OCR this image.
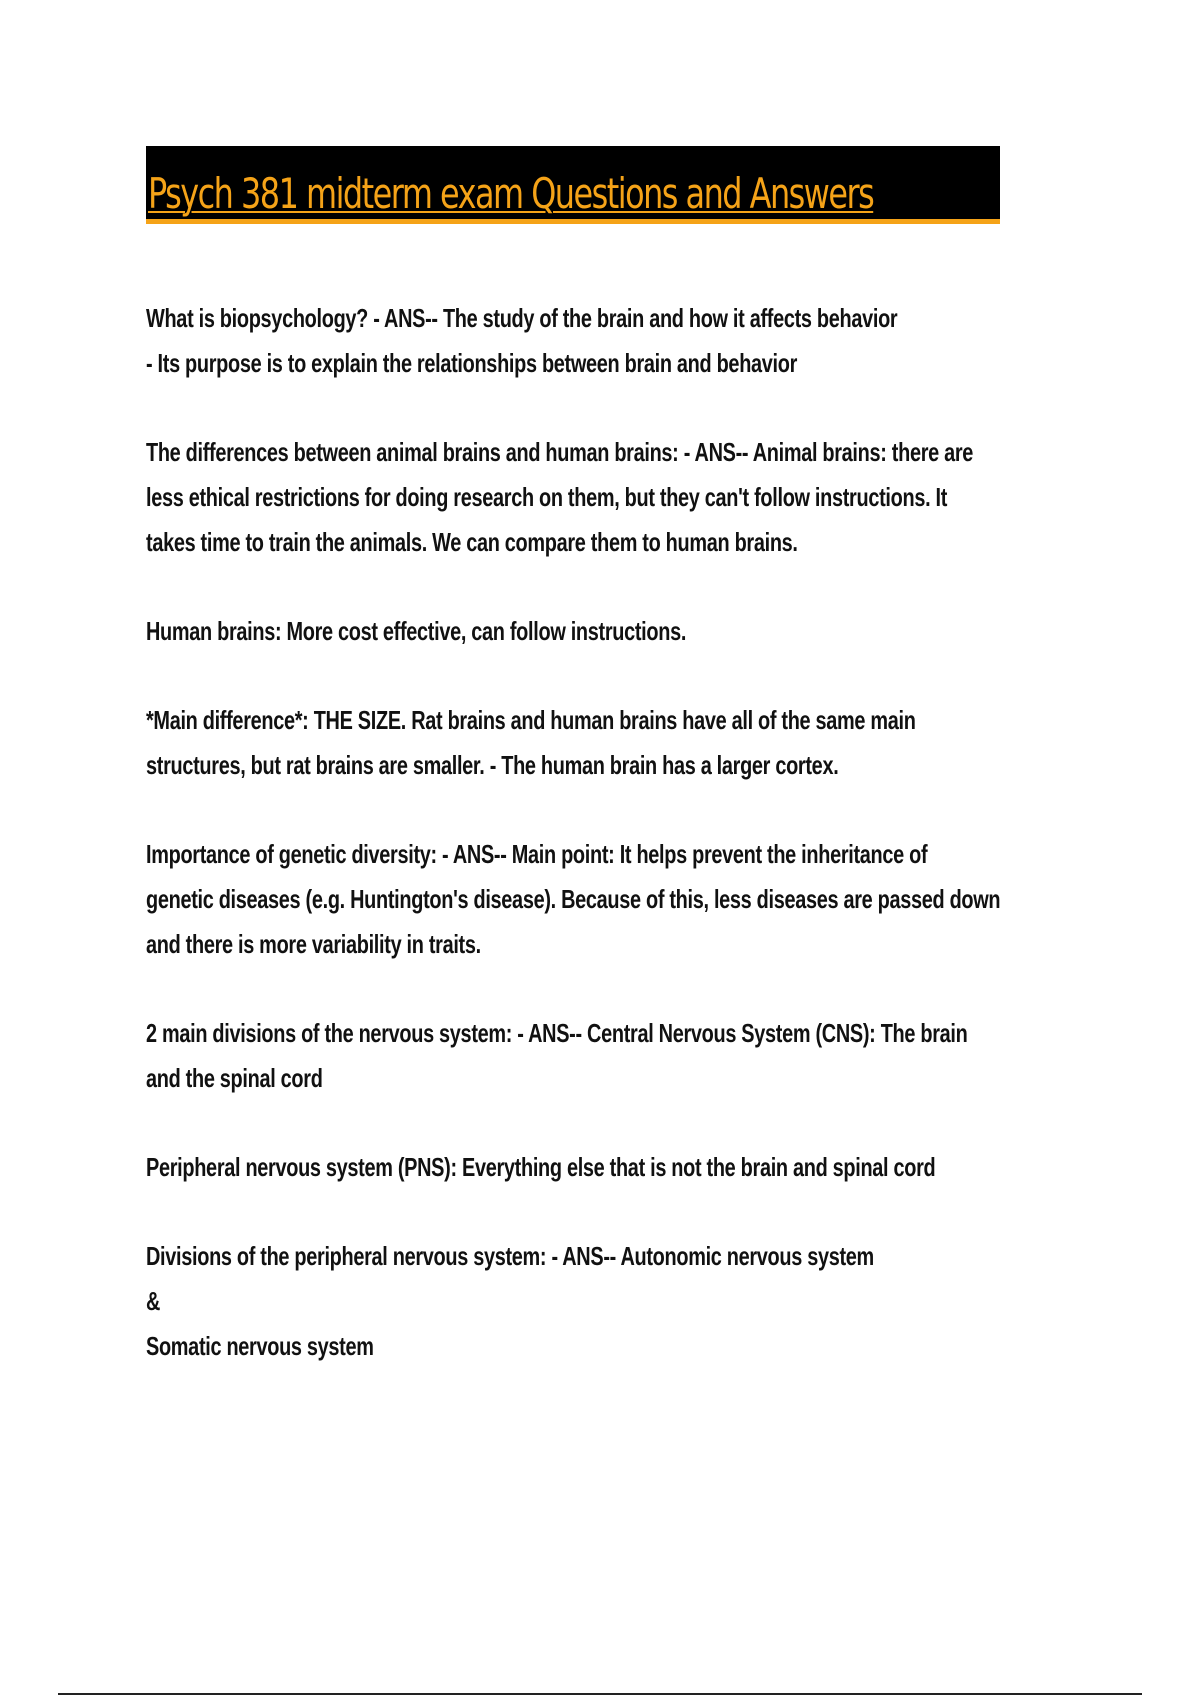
Psych 381 midterm exam Questions and Answers
What is biopsychology? - ANS-- The study of the brain and how it affects behavior
- Its purpose is to explain the relationships between brain and behavior
The differences between animal brains and human brains: - ANS-- Animal brains: there are
less ethical restrictions for doing research on them, but they can't follow instructions. It
takes time to train the animals. We can compare them to human brains.
Human brains: More cost effective, can follow instructions.
*Main difference*: THE SIZE. Rat brains and human brains have all of the same main
structures, but rat brains are smaller. - The human brain has a larger cortex.
Importance of genetic diversity: - ANS-- Main point: It helps prevent the inheritance of
genetic diseases (e.g. Huntington's disease). Because of this, less diseases are passed down
and there is more variability in traits.
2 main divisions of the nervous system: - ANS-- Central Nervous System (CNS): The brain
and the spinal cord
Peripheral nervous system (PNS): Everything else that is not the brain and spinal cord
Divisions of the peripheral nervous system: - ANS-- Autonomic nervous system
&
Somatic nervous system
